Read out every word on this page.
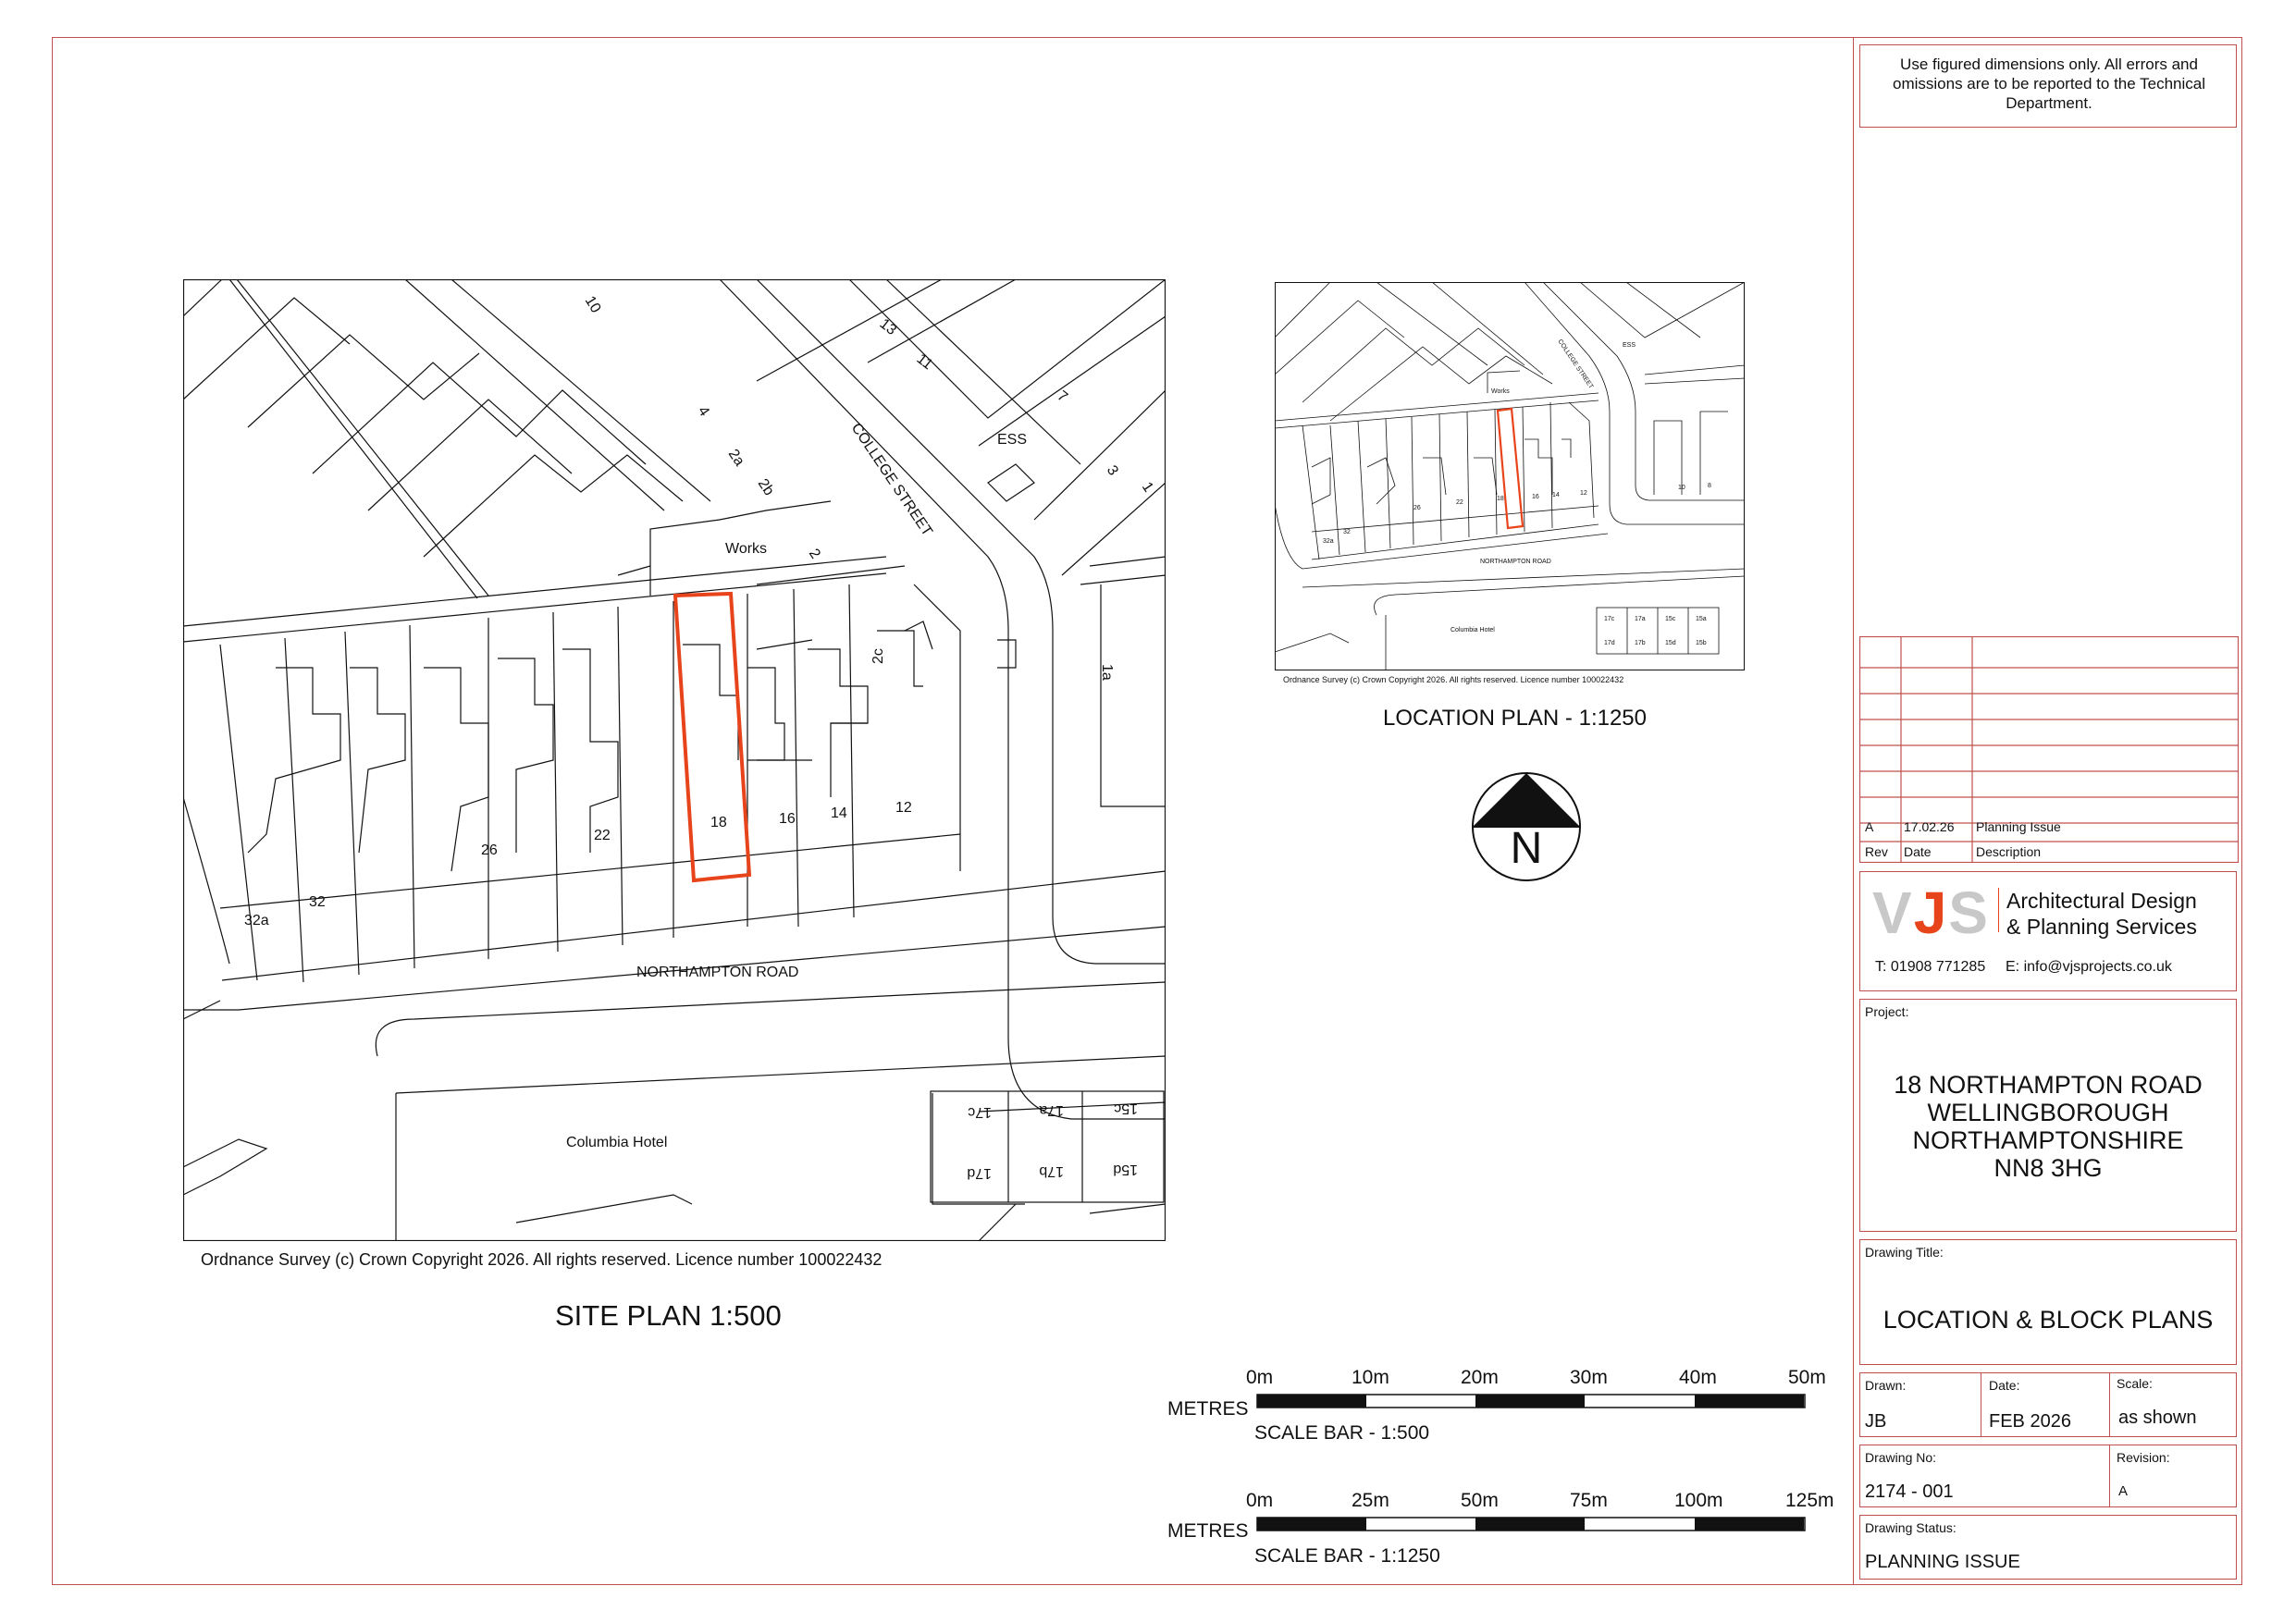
Use figured dimensions only. All errors and omissions are to be reported to the Technical Department.
10
13
11
7
4
2a
2b
2
ESS
3
1
Works
COLLEGE STREET
1a
2c
18	16 14	12
22
26
32
32a
NORTHAMPTON ROAD
Columbia Hotel
17c	17a	15c
17d	17b	15d
Ordnance Survey (c) Crown Copyright 2026. All rights reserved. Licence number 100022432
SITE PLAN 1:500
COLLEGE STREET
Works
ESS
18	16 14	12
22
26
32
32a
10	8
NORTHAMPTON ROAD
Columbia Hotel
17c	17a	15c	15a
17d	17b	15d	15b
Ordnance Survey (c) Crown Copyright 2026. All rights reserved. Licence number 100022432
LOCATION PLAN - 1:1250
N
METRES
0m	10m	20m	30m	40m	50m
SCALE BAR - 1:500
METRES
0m	25m	50m	75m	100m	125m
SCALE BAR - 1:1250
A 17.02.26 Planning Issue
Rev Date	Description
VJS Architectural Design
& Planning Services
T: 01908 771285 E: info@vjsprojects.co.uk
Project:
18 NORTHAMPTON ROAD
WELLINGBOROUGH
NORTHAMPTONSHIRE
NN8 3HG
Drawing Title:
LOCATION & BLOCK PLANS
Drawn:
JB
Date:
FEB 2026
Scale:
as shown
Drawing No:
2174 - 001
Revision:
A
Drawing Status:
PLANNING ISSUE
